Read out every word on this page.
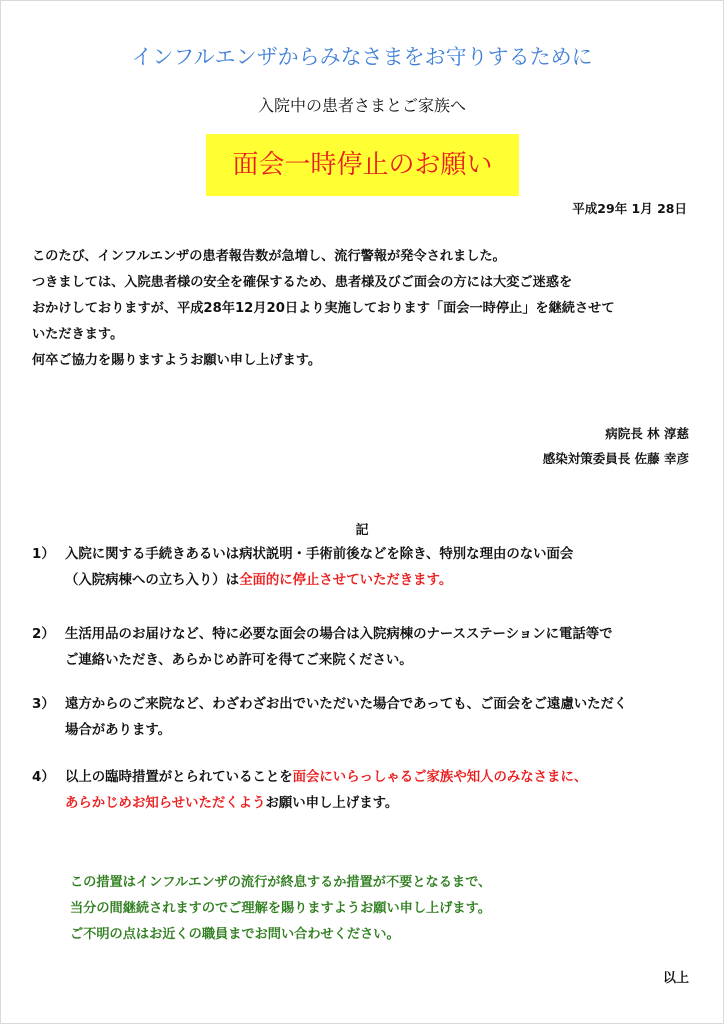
インフルエンザからみなさまをお守りするために
入院中の患者さまとご家族へ
面会一時停止のお願い
平成29年 1月 28日
このたび、インフルエンザの患者報告数が急増し、流行警報が発令されました。
つきましては、入院患者様の安全を確保するため、患者様及びご面会の方には大変ご迷惑を
おかけしておりますが、平成28年12月20日より実施しております「面会一時停止」を継続させて
いただきます。
何卒ご協力を賜りますようお願い申し上げます。
病院長 林 淳慈
感染対策委員長 佐藤 幸彦
記
1） 入院に関する手続きあるいは病状説明・手術前後などを除き、特別な理由のない面会
（入院病棟への立ち入り）は全面的に停止させていただきます。
2） 生活用品のお届けなど、特に必要な面会の場合は入院病棟のナースステーションに電話等で
ご連絡いただき、あらかじめ許可を得てご来院ください。
3） 遠方からのご来院など、わざわざお出でいただいた場合であっても、ご面会をご遠慮いただく
場合があります。
4） 以上の臨時措置がとられていることを面会にいらっしゃるご家族や知人のみなさまに、
あらかじめお知らせいただくようお願い申し上げます。
この措置はインフルエンザの流行が終息するか措置が不要となるまで、
当分の間継続されますのでご理解を賜りますようお願い申し上げます。
ご不明の点はお近くの職員までお問い合わせください。
以上
